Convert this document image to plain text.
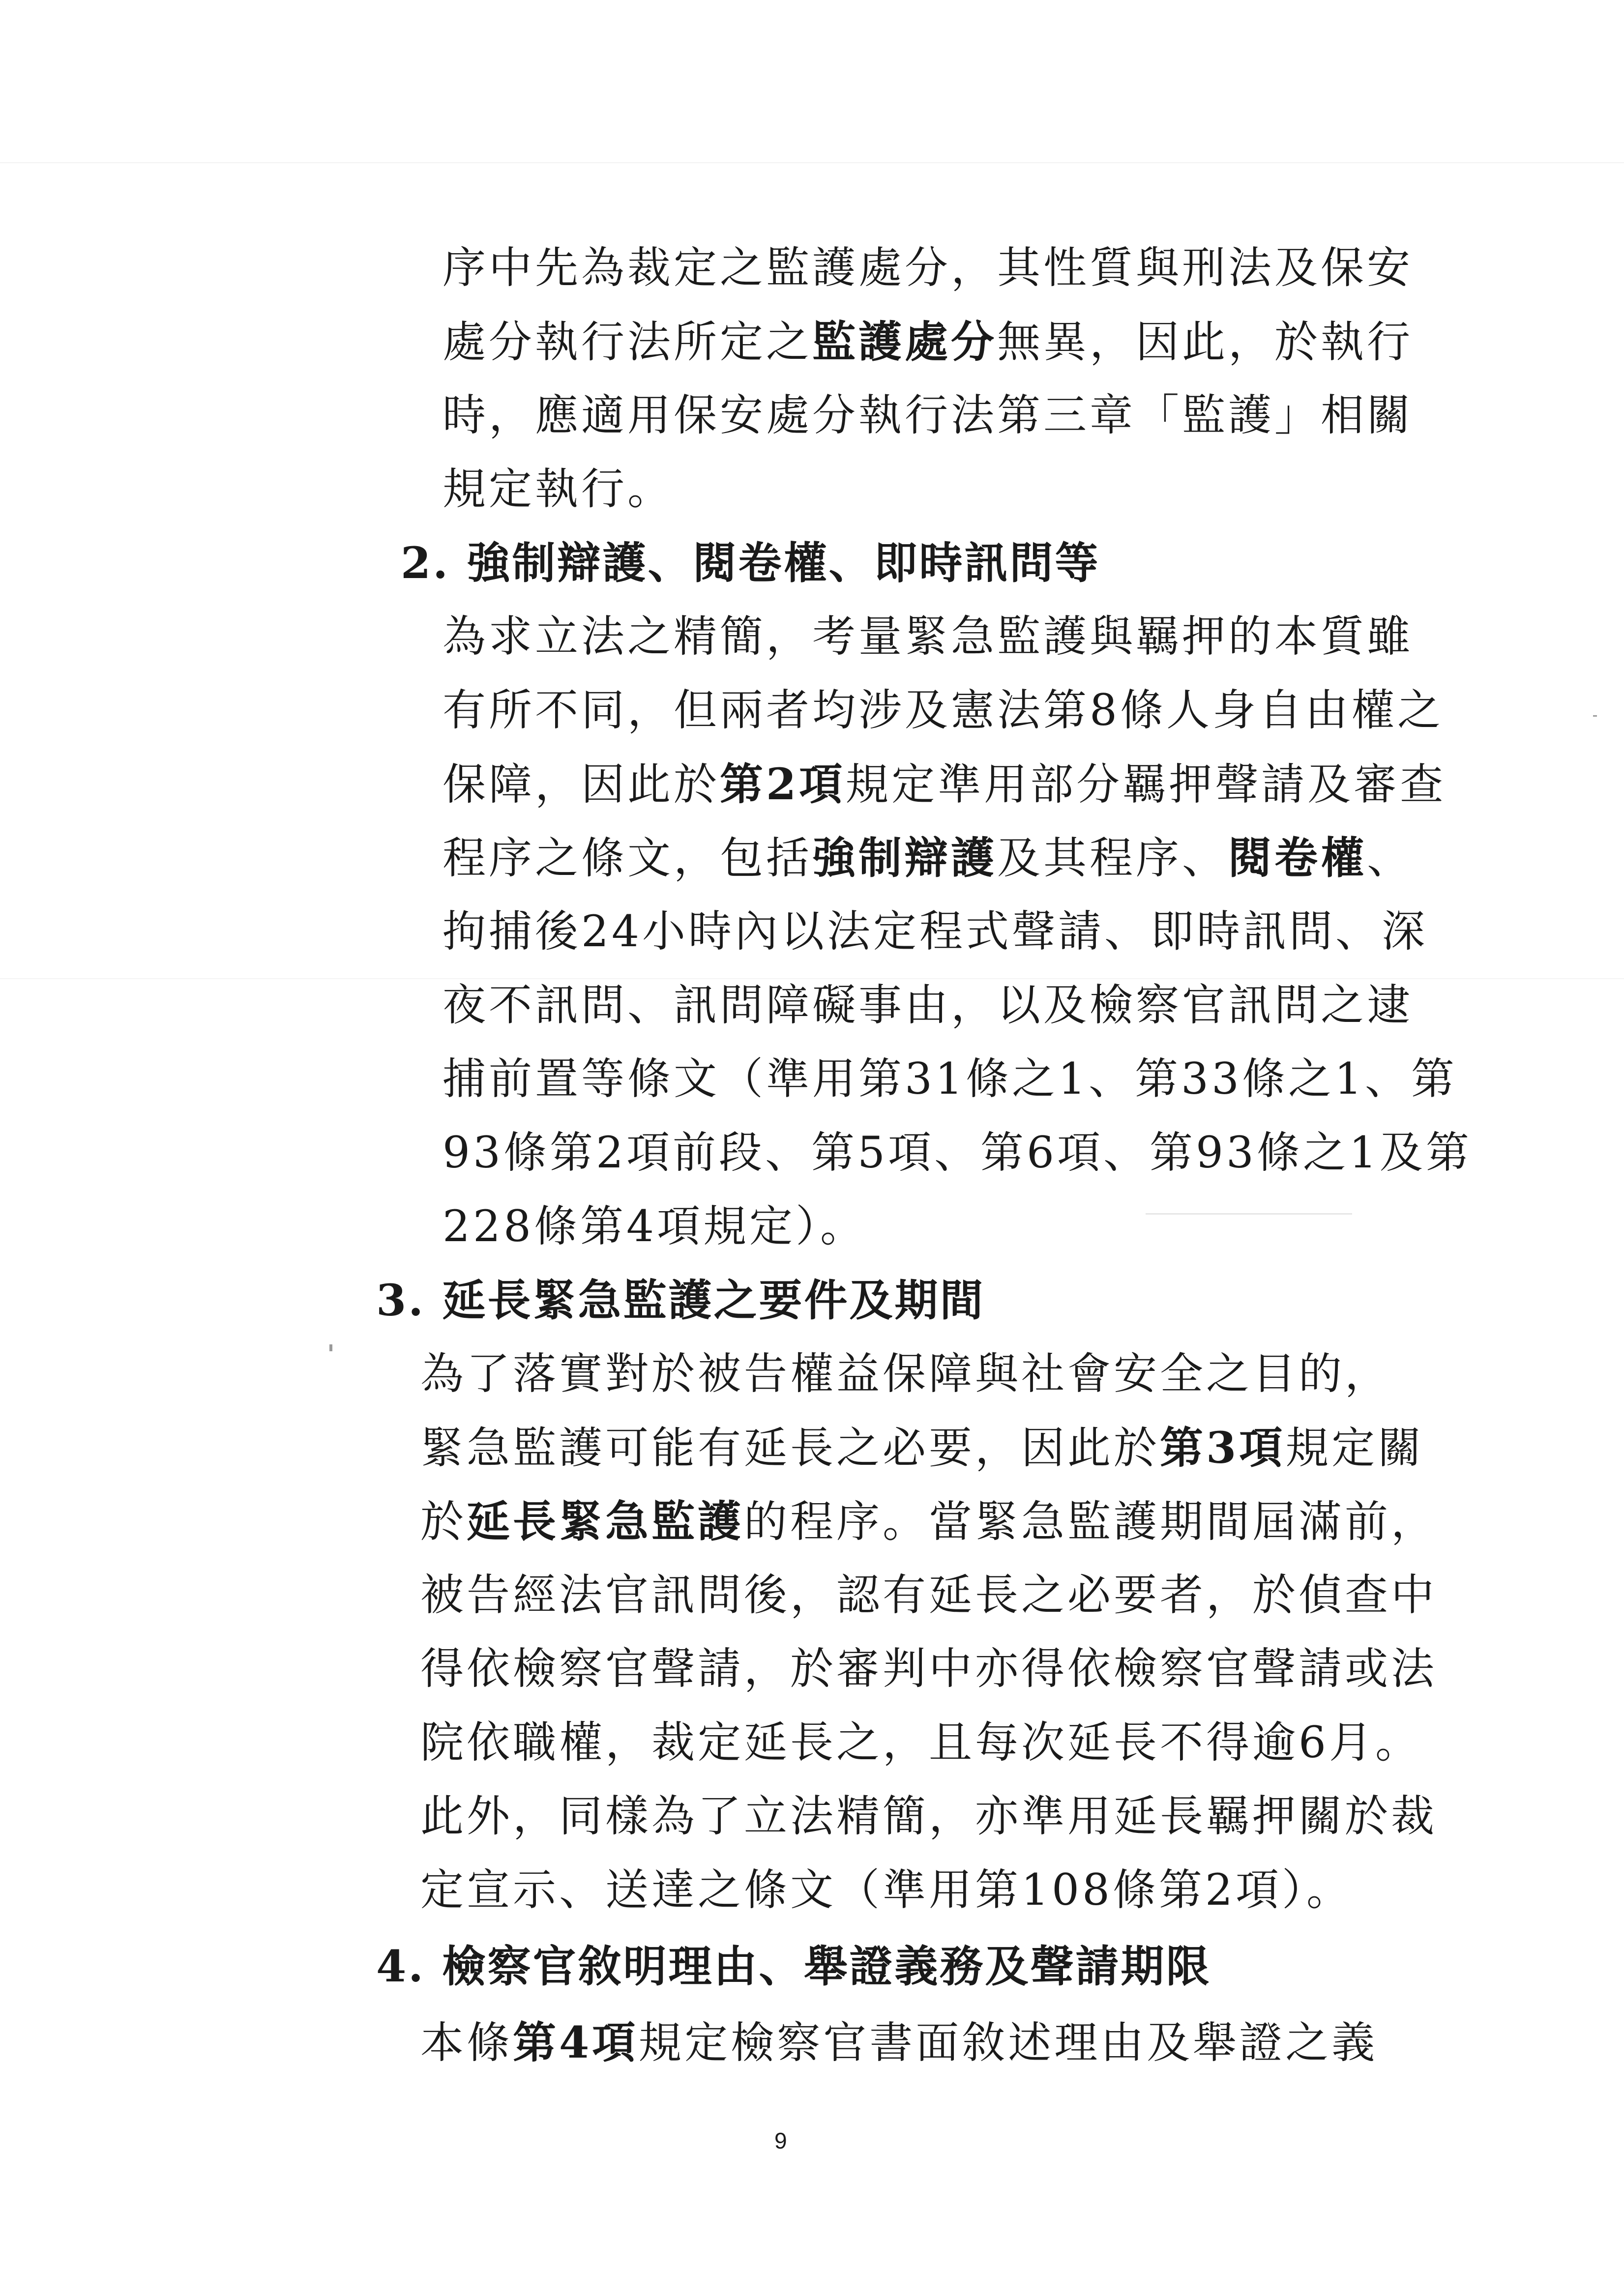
序中先為裁定之監護處分，其性質與刑法及保安
處分執行法所定之監護處分無異，因此，於執行
時，應適用保安處分執行法第三章「監護」相關
規定執行。
2. 強制辯護、閱卷權、即時訊問等
為求立法之精簡，考量緊急監護與羈押的本質雖
有所不同，但兩者均涉及憲法第8條人身自由權之
保障，因此於第2項規定準用部分羈押聲請及審查
程序之條文，包括強制辯護及其程序、閱卷權、
拘捕後24小時內以法定程式聲請、即時訊問、深
夜不訊問、訊問障礙事由，以及檢察官訊問之逮
捕前置等條文（準用第31條之1、第33條之1、第
93條第2項前段、第5項、第6項、第93條之1及第
228條第4項規定）。
3. 延長緊急監護之要件及期間
為了落實對於被告權益保障與社會安全之目的，
緊急監護可能有延長之必要，因此於第3項規定關
於延長緊急監護的程序。當緊急監護期間屆滿前，
被告經法官訊問後，認有延長之必要者，於偵查中
得依檢察官聲請，於審判中亦得依檢察官聲請或法
院依職權，裁定延長之，且每次延長不得逾6月。
此外，同樣為了立法精簡，亦準用延長羈押關於裁
定宣示、送達之條文（準用第108條第2項）。
4. 檢察官敘明理由、舉證義務及聲請期限
本條第4項規定檢察官書面敘述理由及舉證之義
9
